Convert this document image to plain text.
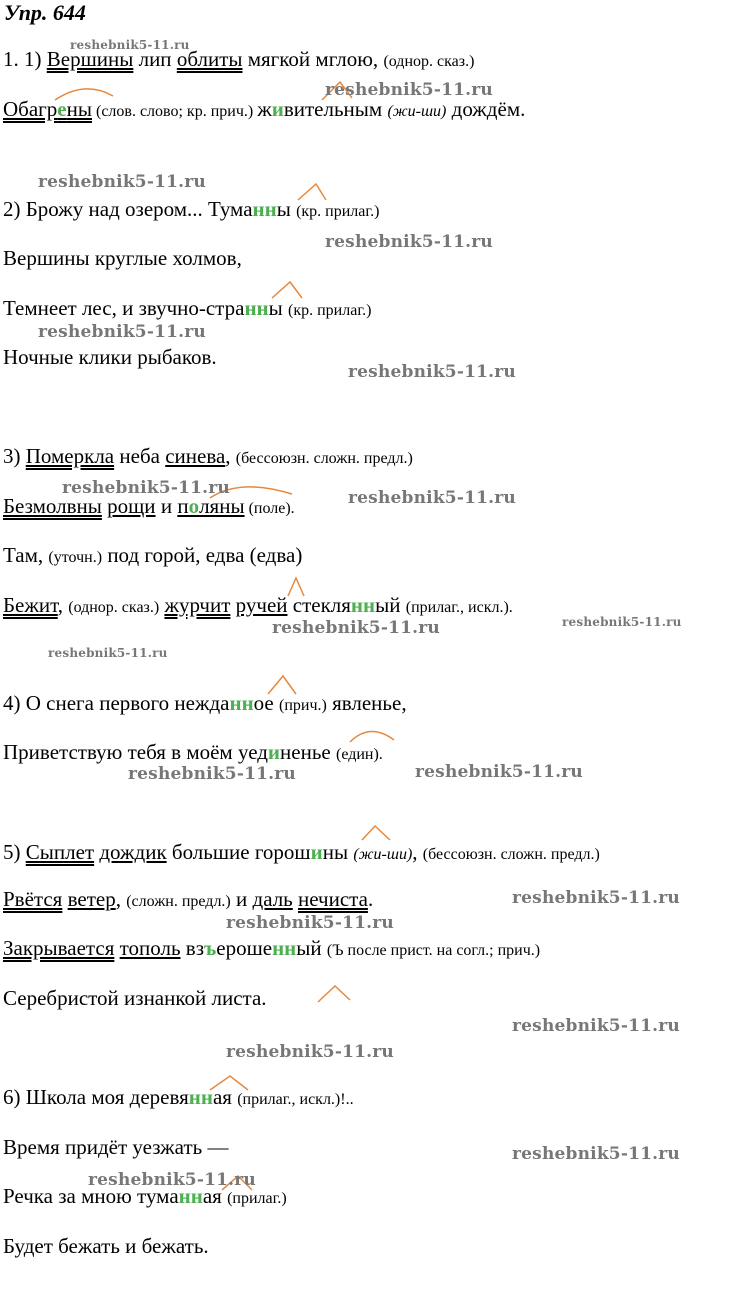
Упр. 644
1. 1) Вершины лип облиты мягкой мглою, (однор. сказ.)
Обагрены (слов. слово; кр. прич.) живительным (жи-ши) дождём.
2) Брожу над озером... Туманны (кр. прилаг.)
Вершины круглые холмов,
Темнеет лес, и звучно-странны (кр. прилаг.)
Ночные клики рыбаков.
3) Померкла неба синева, (бессоюзн. сложн. предл.)
Безмолвны рощи и поляны (поле).
Там, (уточн.) под горой, едва (едва)
Бежит, (однор. сказ.) журчит ручей стеклянный (прилаг., искл.).
4) О снега первого нежданное (прич.) явленье,
Приветствую тебя в моём уединенье (един).
5) Сыплет дождик большие горошины (жи-ши), (бессоюзн. сложн. предл.)
Рвётся ветер, (сложн. предл.) и даль нечиста.
Закрывается тополь взъерошенный (Ъ после прист. на согл.; прич.)
Серебристой изнанкой листа.
6) Школа моя деревянная (прилаг., искл.)!..
Время придёт уезжать —
Речка за мною туманная (прилаг.)
Будет бежать и бежать.
reshebnik5-11.ru
reshebnik5-11.ru
reshebnik5-11.ru
reshebnik5-11.ru
reshebnik5-11.ru
reshebnik5-11.ru
reshebnik5-11.ru	reshebnik5-11.ru
reshebnik5-11.ru	reshebnik5-11.ru
reshebnik5-11.ru
reshebnik5-11.ru	reshebnik5-11.ru
reshebnik5-11.ru
reshebnik5-11.ru
reshebnik5-11.ru
reshebnik5-11.ru
reshebnik5-11.ru
reshebnik5-11.ru
